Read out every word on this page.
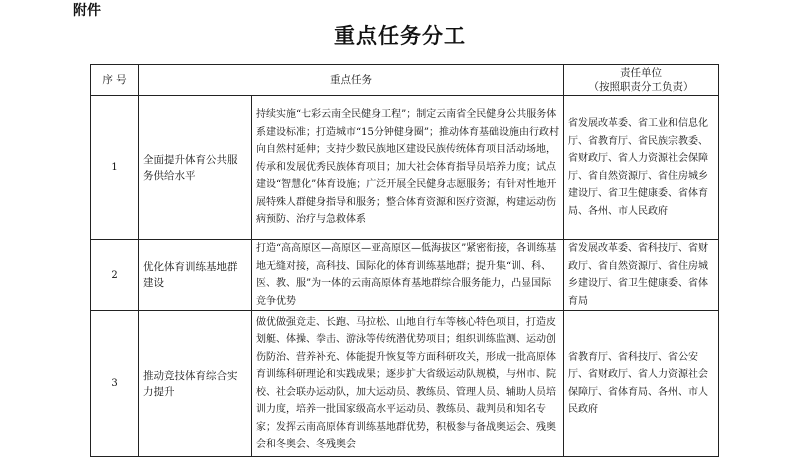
附件
重点任务分工
序 号	重点任务		责任单位
（按照职责分工负责）

1	全面提升体育公共服务供给水平	持续实施“七彩云南全民健身工程”；制定云南省全民健身公共服务体系建设标准；打造城市“15分钟健身圈”；推动体育基础设施由行政村向自然村延伸；支持少数民族地区建设民族传统体育项目活动场地，传承和发展优秀民族体育项目；加大社会体育指导员培养力度；试点建设“智慧化”体育设施；广泛开展全民健身志愿服务；有针对性地开展特殊人群健身指导和服务；整合体育资源和医疗资源，构建运动伤病预防、治疗与急救体系	省发展改革委、省工业和信息化厅、省教育厅、省民族宗教委、省财政厅、省人力资源社会保障厅、省自然资源厅、省住房城乡建设厅、省卫生健康委、省体育局、各州、市人民政府
2	优化体育训练基地群建设	打造“高高原区—高原区—亚高原区—低海拔区”紧密衔接，各训练基地无缝对接，高科技、国际化的体育训练基地群；提升集“训、科、医、教、服”为一体的云南高原体育基地群综合服务能力，凸显国际竞争优势	省发展改革委、省科技厅、省财政厅、省自然资源厅、省住房城乡建设厅、省卫生健康委、省体育局
3	推动竞技体育综合实力提升	做优做强竞走、长跑、马拉松、山地自行车等核心特色项目，打造皮划艇、体操、拳击、游泳等传统潜优势项目；组织训练监测、运动创伤防治、营养补充、体能提升恢复等方面科研攻关，形成一批高原体育训练科研理论和实践成果；逐步扩大省级运动队规模，与州市、院校、社会联办运动队，加大运动员、教练员、管理人员、辅助人员培训力度，培养一批国家级高水平运动员、教练员、裁判员和知名专家；发挥云南高原体育训练基地群优势，积极参与备战奥运会、残奥会和冬奥会、冬残奥会	省教育厅、省科技厅、省公安厅、省财政厅、省人力资源社会保障厅、省体育局、各州、市人民政府
